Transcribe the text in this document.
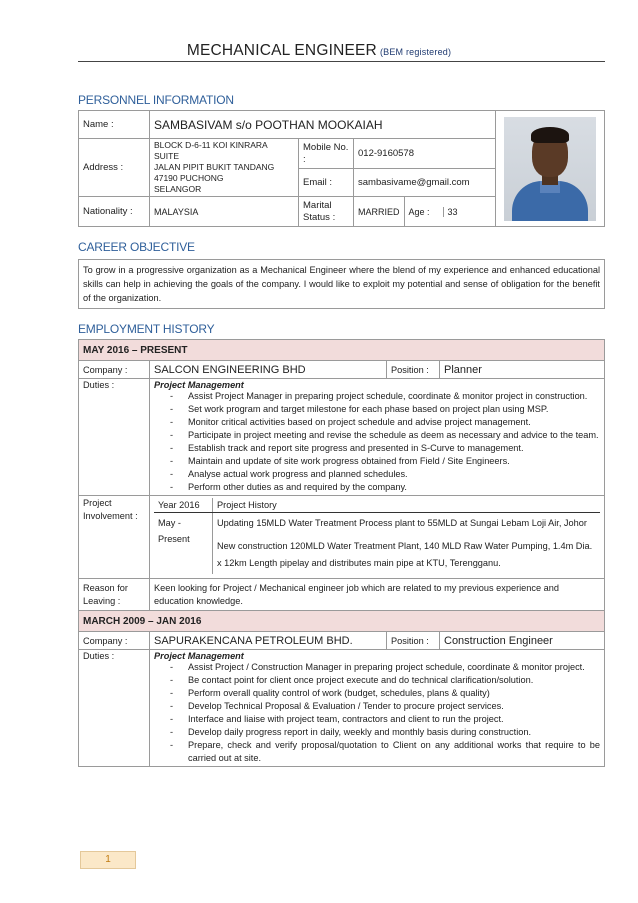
MECHANICAL ENGINEER (BEM registered)
PERSONNEL INFORMATION
Name :	SAMBASIVAM s/o POOTHAN MOOKAIAH	

Address :	
BLOCK D-6-11 KOI KINRARA SUITE
JALAN PIPIT BUKIT TANDANG
47190 PUCHONG
SELANGOR
	Mobile No. :	012-9160578
Email :	sambasivame@gmail.com
Nationality :	MALAYSIA	Marital Status :	MARRIED	Age :	33
CAREER OBJECTIVE
To grow in a progressive organization as a Mechanical Engineer where the blend of my experience and enhanced educational skills can help in achieving the goals of the company. I would like to exploit my potential and sense of obligation for the benefit of the organization.
EMPLOYMENT HISTORY
MAY 2016 – PRESENT
Company :	SALCON ENGINEERING BHD	Position :	Planner
Duties :	Project Management
- Assist Project Manager in preparing project schedule, coordinate & monitor project in construction.
- Set work program and target milestone for each phase based on project plan using MSP.
- Monitor critical activities based on project schedule and advise project management.
- Participate in project meeting and revise the schedule as deem as necessary and advice to the team.
- Establish track and report site progress and presented in S-Curve to management.
- Maintain and update of site work progress obtained from Field / Site Engineers.
- Analyse actual work progress and planned schedules.
- Perform other duties as and required by the company.

Project Involvement :	
Year 2016	Project History
May - Present	
Updating 15MLD Water Treatment Process plant to 55MLD at Sungai Lebam Loji Air, Johor
New construction 120MLD Water Treatment Plant, 140 MLD Raw Water Pumping, 1.4m Dia. x 12km Length pipelay and distributes main pipe at KTU, Terengganu.

Reason for Leaving :	Keen looking for Project / Mechanical engineer job which are related to my previous experience and education knowledge.
MARCH 2009 – JAN 2016
Company :	SAPURAKENCANA PETROLEUM BHD.	Position :	Construction Engineer
Duties :	Project Management
- Assist Project / Construction Manager in preparing project schedule, coordinate & monitor project.
- Be contact point for client once project execute and do technical clarification/solution.
- Perform overall quality control of work (budget, schedules, plans & quality)
- Develop Technical Proposal & Evaluation / Tender to procure project services.
- Interface and liaise with project team, contractors and client to run the project.
- Develop daily progress report in daily, weekly and monthly basis during construction.
- Prepare, check and verify proposal/quotation to Client on any additional works that require to be carried out at site.
1
